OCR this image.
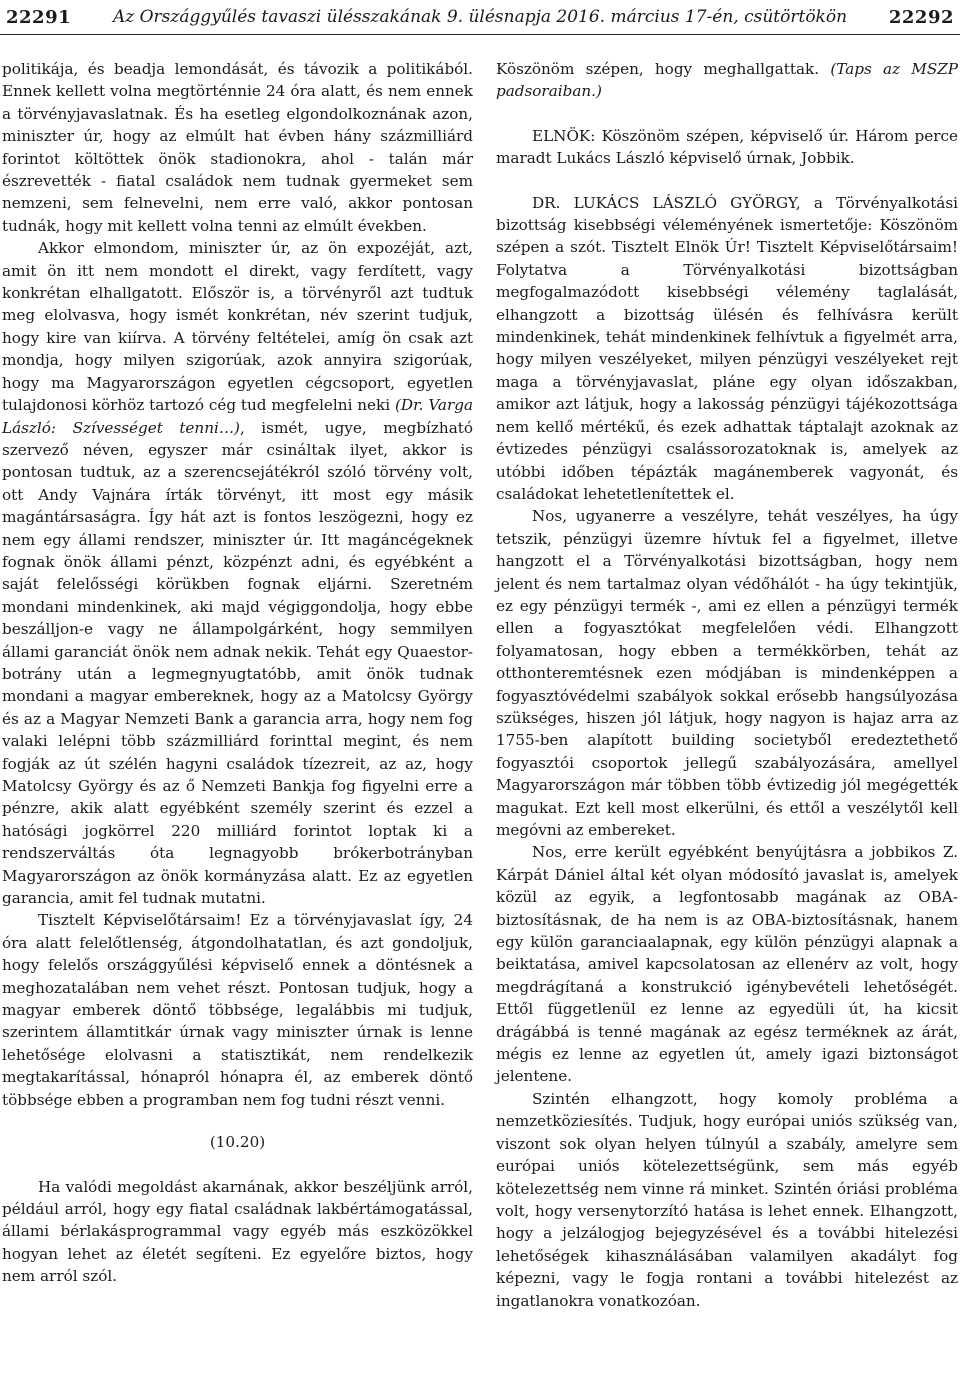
22291	Az Országgyűlés tavaszi ülésszakának 9. ülésnapja 2016. március 17-én, csütörtökön	22292

politikája, és beadja lemondását, és távozik a politikából. Ennek kellett volna megtörténnie 24 óra alatt, és nem ennek a törvényjavaslatnak. És ha esetleg elgondolkoznának azon, miniszter úr, hogy az elmúlt hat évben hány százmilliárd forintot költöttek önök stadionokra, ahol - talán már észrevették - fiatal családok nem tudnak gyermeket sem nemzeni, sem felnevelni, nem erre való, akkor pontosan tudnák, hogy mit kellett volna tenni az elmúlt években.

Akkor elmondom, miniszter úr, az ön expozéját, azt, amit ön itt nem mondott el direkt, vagy ferdített, vagy konkrétan elhallgatott. Először is, a törvényről azt tudtuk meg elolvasva, hogy ismét konkrétan, név szerint tudjuk, hogy kire van kiírva. A törvény feltételei, amíg ön csak azt mondja, hogy milyen szigorúak, azok annyira szigorúak, hogy ma Magyarországon egyetlen cégcsoport, egyetlen tulajdonosi körhöz tartozó cég tud megfelelni neki (Dr. Varga László: Szívességet tenni…), ismét, ugye, megbízható szervező néven, egyszer már csináltak ilyet, akkor is pontosan tudtuk, az a szerencsejátékról szóló törvény volt, ott Andy Vajnára írták törvényt, itt most egy másik magántársaságra. Így hát azt is fontos leszögezni, hogy ez nem egy állami rendszer, miniszter úr. Itt magáncégeknek fognak önök állami pénzt, közpénzt adni, és egyébként a saját felelősségi körükben fognak eljárni. Szeretném mondani mindenkinek, aki majd végiggondolja, hogy ebbe beszálljon-e vagy ne állampolgárként, hogy semmilyen állami garanciát önök nem adnak nekik. Tehát egy Quaestor-botrány után a legmegnyugtatóbb, amit önök tudnak mondani a magyar embereknek, hogy az a Matolcsy György és az a Magyar Nemzeti Bank a garancia arra, hogy nem fog valaki lelépni több százmilliárd forinttal megint, és nem fogják az út szélén hagyni családok tízezreit, az az, hogy Matolcsy György és az ő Nemzeti Bankja fog figyelni erre a pénzre, akik alatt egyébként személy szerint és ezzel a hatósági jogkörrel 220 milliárd forintot loptak ki a rendszerváltás óta legnagyobb brókerbotrányban Magyarországon az önök kormányzása alatt. Ez az egyetlen garancia, amit fel tudnak mutatni.

Tisztelt Képviselőtársaim! Ez a törvényjavaslat így, 24 óra alatt felelőtlenség, átgondolhatatlan, és azt gondoljuk, hogy felelős országgyűlési képviselő ennek a döntésnek a meghozatalában nem vehet részt. Pontosan tudjuk, hogy a magyar emberek döntő többsége, legalábbis mi tudjuk, szerintem államtitkár úrnak vagy miniszter úrnak is lenne lehetősége elolvasni a statisztikát, nem rendelkezik megtakarítással, hónapról hónapra él, az emberek döntő többsége ebben a programban nem fog tudni részt venni.

(10.20)

Ha valódi megoldást akarnának, akkor beszéljünk arról, például arról, hogy egy fiatal családnak lakbértámogatással, állami bérlakásprogrammal vagy egyéb más eszközökkel hogyan lehet az életét segíteni. Ez egyelőre biztos, hogy nem arról szól.

Köszönöm szépen, hogy meghallgattak. (Taps az MSZP padsoraiban.)

ELNÖK: Köszönöm szépen, képviselő úr. Három perce maradt Lukács László képviselő úrnak, Jobbik.

DR. LUKÁCS LÁSZLÓ GYÖRGY, a Törvényalkotási bizottság kisebbségi véleményének ismertetője: Köszönöm szépen a szót. Tisztelt Elnök Úr! Tisztelt Képviselőtársaim! Folytatva a Törvényalkotási bizottságban megfogalmazódott kisebbségi vélemény taglalását, elhangzott a bizottság ülésén és felhívásra került mindenkinek, tehát mindenkinek felhívtuk a figyelmét arra, hogy milyen veszélyeket, milyen pénzügyi veszélyeket rejt maga a törvényjavaslat, pláne egy olyan időszakban, amikor azt látjuk, hogy a lakosság pénzügyi tájékozottsága nem kellő mértékű, és ezek adhattak táptalajt azoknak az évtizedes pénzügyi csalássorozatoknak is, amelyek az utóbbi időben tépázták magánemberek vagyonát, és családokat lehetetlenítettek el.

Nos, ugyanerre a veszélyre, tehát veszélyes, ha úgy tetszik, pénzügyi üzemre hívtuk fel a figyelmet, illetve hangzott el a Törvényalkotási bizottságban, hogy nem jelent és nem tartalmaz olyan védőhálót - ha úgy tekintjük, ez egy pénzügyi termék -, ami ez ellen a pénzügyi termék ellen a fogyasztókat megfelelően védi. Elhangzott folyamatosan, hogy ebben a termékkörben, tehát az otthonteremtésnek ezen módjában is mindenképpen a fogyasztóvédelmi szabályok sokkal erősebb hangsúlyozása szükséges, hiszen jól látjuk, hogy nagyon is hajaz arra az 1755-ben alapított building societyből eredeztethető fogyasztói csoportok jellegű szabályozására, amellyel Magyarországon már többen több évtizedig jól megégették magukat. Ezt kell most elkerülni, és ettől a veszélytől kell megóvni az embereket.

Nos, erre került egyébként benyújtásra a jobbikos Z. Kárpát Dániel által két olyan módosító javaslat is, amelyek közül az egyik, a legfontosabb magának az OBA-biztosításnak, de ha nem is az OBA-biztosításnak, hanem egy külön garanciaalapnak, egy külön pénzügyi alapnak a beiktatása, amivel kapcsolatosan az ellenérv az volt, hogy megdrágítaná a konstrukció igénybevételi lehetőségét. Ettől függetlenül ez lenne az egyedüli út, ha kicsit drágábbá is tenné magának az egész terméknek az árát, mégis ez lenne az egyetlen út, amely igazi biztonságot jelentene.

Szintén elhangzott, hogy komoly probléma a nemzetköziesítés. Tudjuk, hogy európai uniós szükség van, viszont sok olyan helyen túlnyúl a szabály, amelyre sem európai uniós kötelezettségünk, sem más egyéb kötelezettség nem vinne rá minket. Szintén óriási probléma volt, hogy versenytorzító hatása is lehet ennek. Elhangzott, hogy a jelzálogjog bejegyzésével és a további hitelezési lehetőségek kihasználásában valamilyen akadályt fog képezni, vagy le fogja rontani a további hitelezést az ingatlanokra vonatkozóan.
